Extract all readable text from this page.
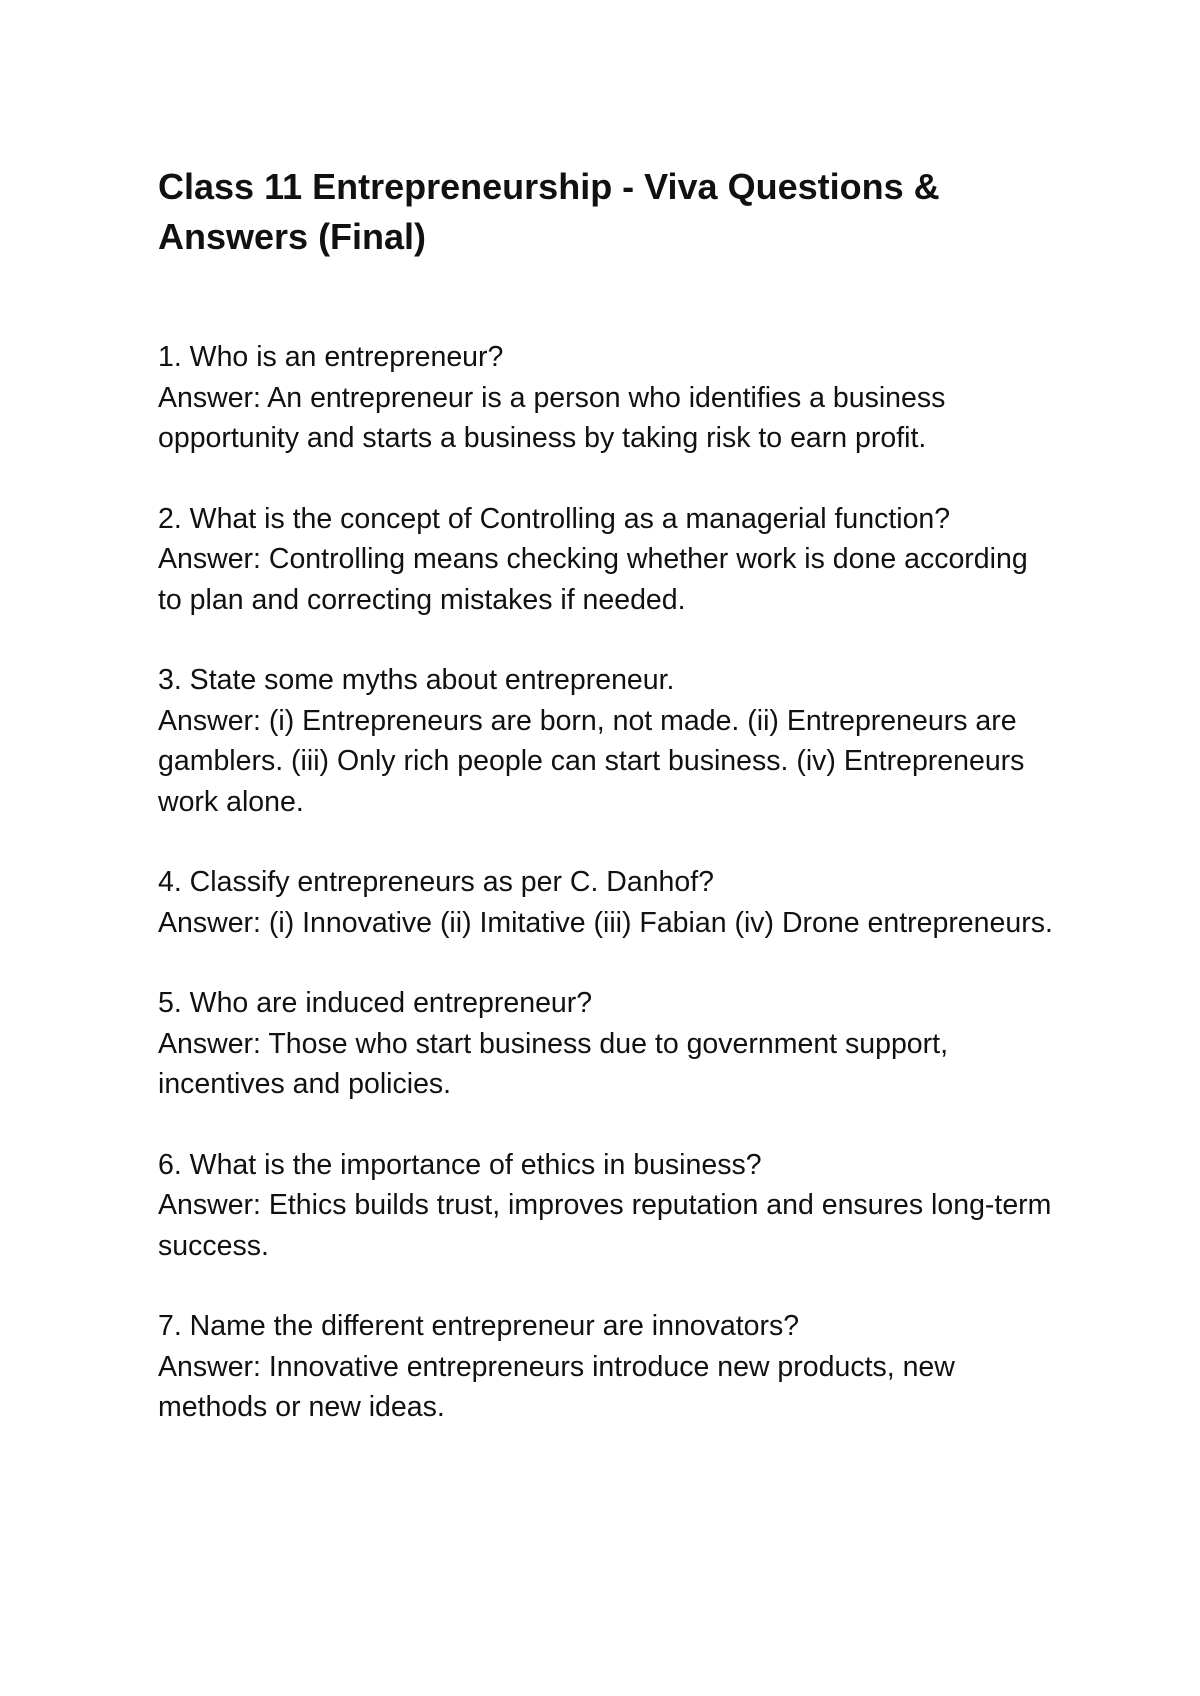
Class 11 Entrepreneurship - Viva Questions & Answers (Final)

1. Who is an entrepreneur?

Answer: An entrepreneur is a person who identifies a business opportunity and starts a business by taking risk to earn profit.

2. What is the concept of Controlling as a managerial function?

Answer: Controlling means checking whether work is done according to plan and correcting mistakes if needed.

3. State some myths about entrepreneur.

Answer: (i) Entrepreneurs are born, not made. (ii) Entrepreneurs are gamblers. (iii) Only rich people can start business. (iv) Entrepreneurs work alone.

4. Classify entrepreneurs as per C. Danhof?

Answer: (i) Innovative (ii) Imitative (iii) Fabian (iv) Drone entrepreneurs.

5. Who are induced entrepreneur?

Answer: Those who start business due to government support, incentives and policies.

6. What is the importance of ethics in business?

Answer: Ethics builds trust, improves reputation and ensures long-term success.

7. Name the different entrepreneur are innovators?

Answer: Innovative entrepreneurs introduce new products, new methods or new ideas.
